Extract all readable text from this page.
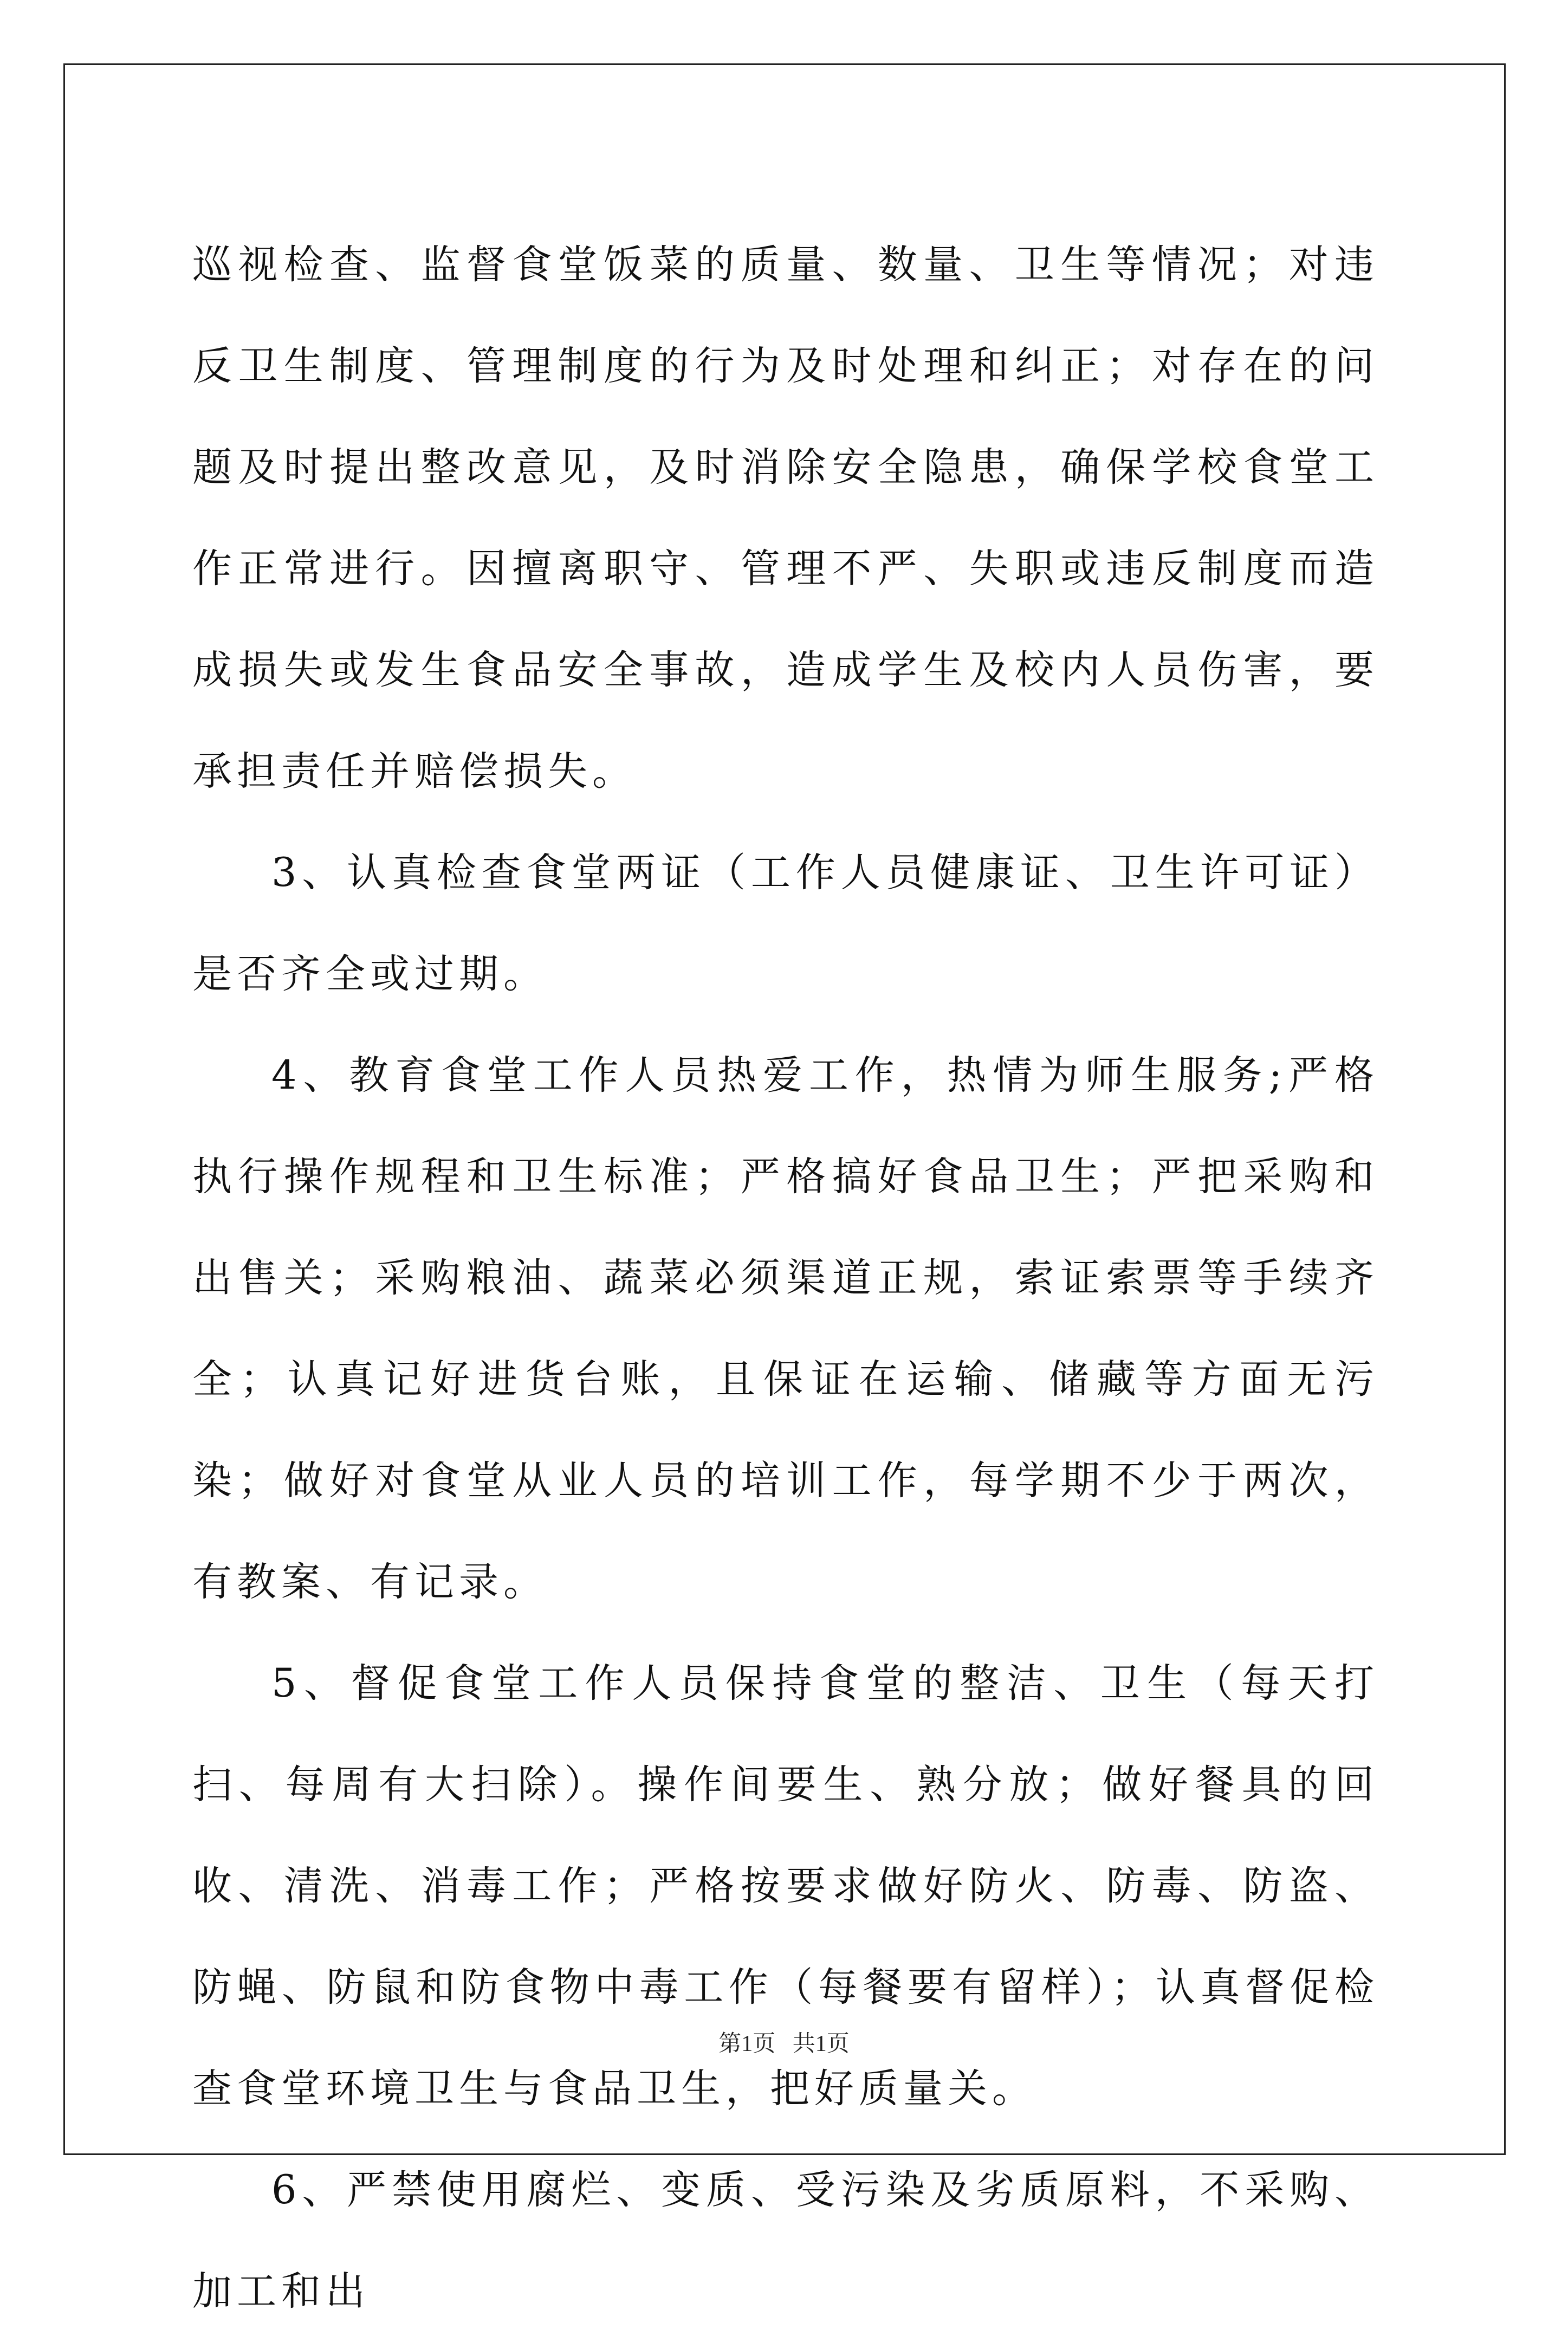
巡视检查、监督食堂饭菜的质量、数量、卫生等情况；对违反卫生制度、管理制度的行为及时处理和纠正；对存在的问题及时提出整改意见，及时消除安全隐患，确保学校食堂工作正常进行。因擅离职守、管理不严、失职或违反制度而造成损失或发生食品安全事故，造成学生及校内人员伤害，要承担责任并赔偿损失。

3、认真检查食堂两证（工作人员健康证、卫生许可证）是否齐全或过期。

4、教育食堂工作人员热爱工作，热情为师生服务;严格执行操作规程和卫生标准；严格搞好食品卫生；严把采购和出售关；采购粮油、蔬菜必须渠道正规，索证索票等手续齐全；认真记好进货台账，且保证在运输、储藏等方面无污染；做好对食堂从业人员的培训工作，每学期不少于两次，有教案、有记录。

5、督促食堂工作人员保持食堂的整洁、卫生（每天打扫、每周有大扫除）。操作间要生、熟分放；做好餐具的回收、清洗、消毒工作；严格按要求做好防火、防毒、防盗、防蝇、防鼠和防食物中毒工作（每餐要有留样）；认真督促检查食堂环境卫生与食品卫生，把好质量关。

6、严禁使用腐烂、变质、受污染及劣质原料，不采购、加工和出

第1页   共1页
